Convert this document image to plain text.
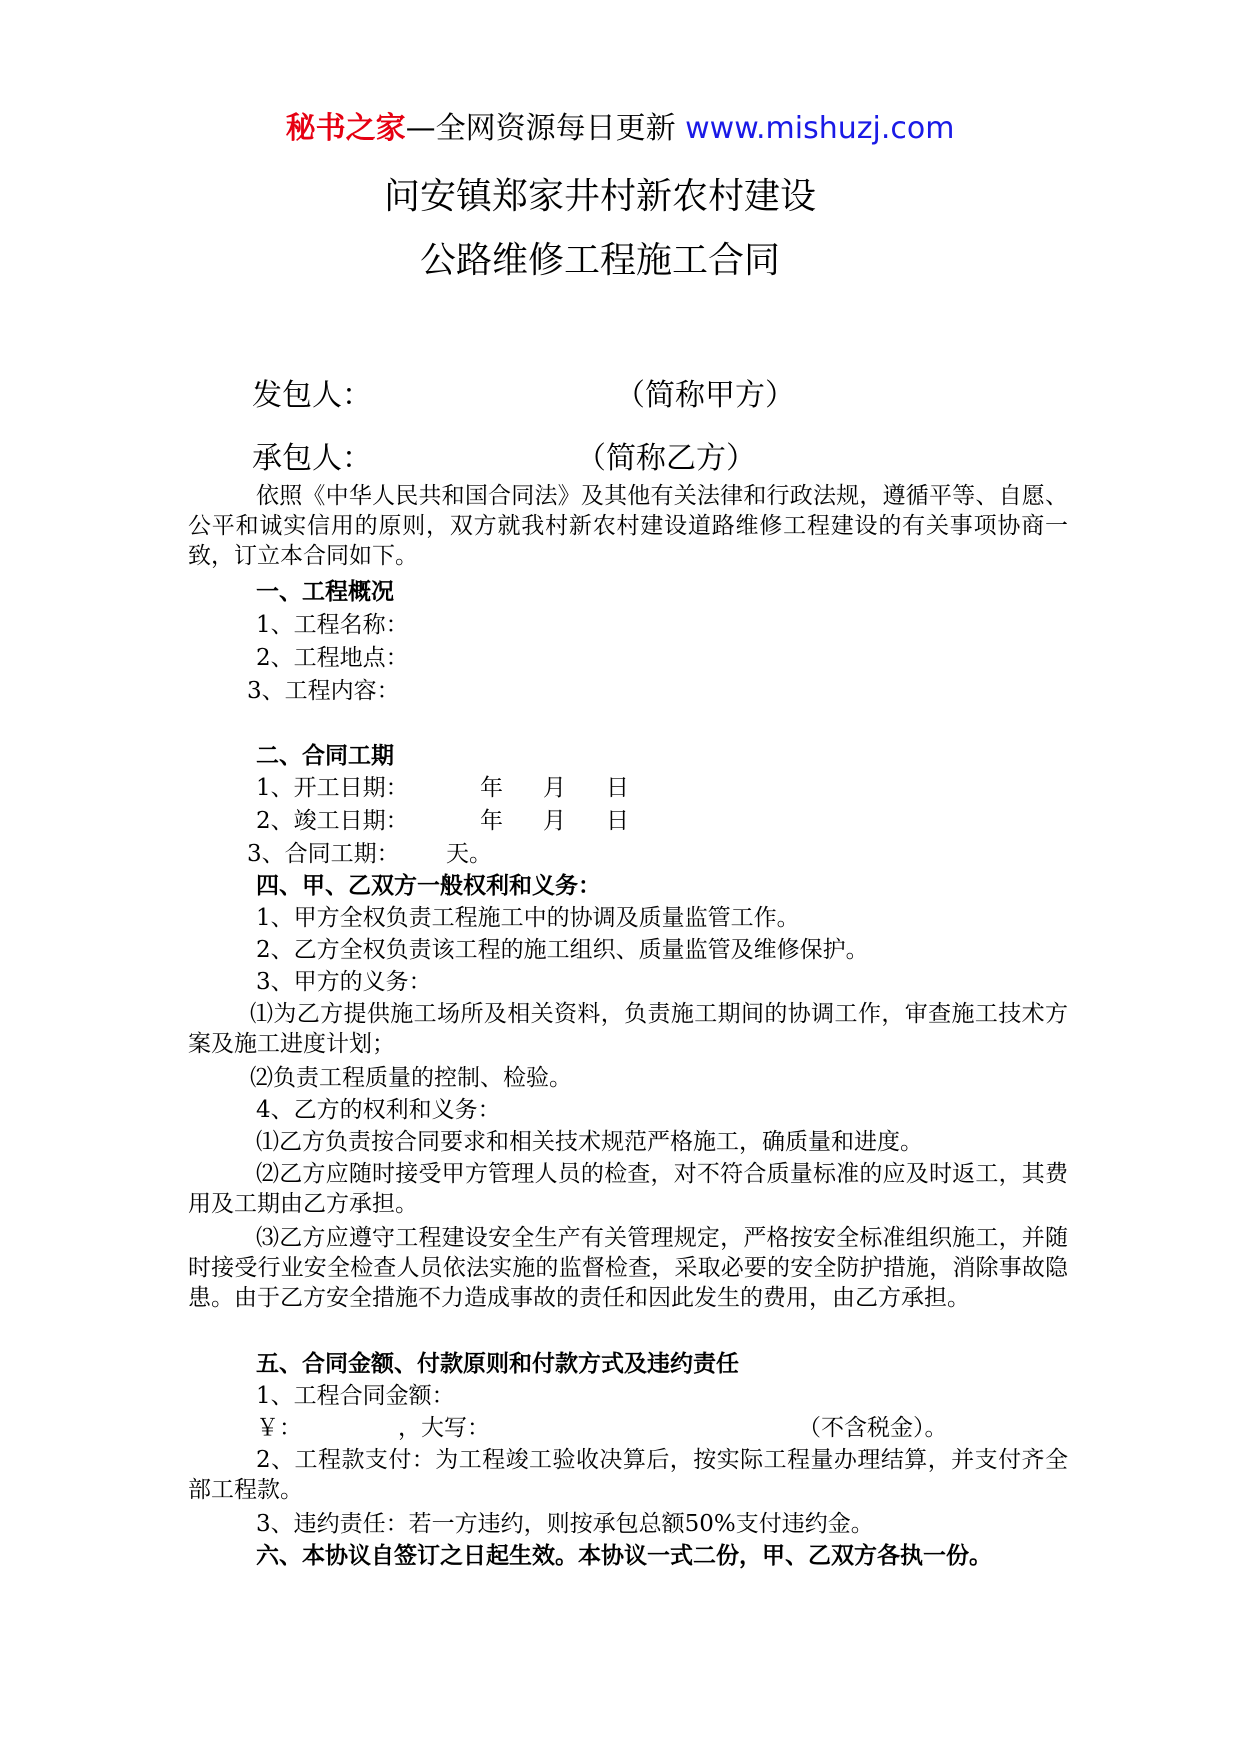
秘书之家—全网资源每日更新 www.mishuzj.com
问安镇郑家井村新农村建设
公路维修工程施工合同
发包人：	（简称甲方）
承包人：	（简称乙方）
依照《中华人民共和国合同法》及其他有关法律和行政法规，遵循平等、自愿、公平和诚实信用的原则，双方就我村新农村建设道路维修工程建设的有关事项协商一致，订立本合同如下。
一、工程概况
1、工程名称：
2、工程地点：
3、工程内容：
二、合同工期
1、开工日期：	年 月 日
2、竣工日期：	年 月 日
3、合同工期： 天。
四、甲、乙双方一般权利和义务：
1、甲方全权负责工程施工中的协调及质量监管工作。
2、乙方全权负责该工程的施工组织、质量监管及维修保护。
3、甲方的义务：
⑴为乙方提供施工场所及相关资料，负责施工期间的协调工作，审查施工技术方案及施工进度计划；
⑵负责工程质量的控制、检验。
4、乙方的权利和义务：
⑴乙方负责按合同要求和相关技术规范严格施工，确质量和进度。
⑵乙方应随时接受甲方管理人员的检查，对不符合质量标准的应及时返工，其费用及工期由乙方承担。
⑶乙方应遵守工程建设安全生产有关管理规定，严格按安全标准组织施工，并随时接受行业安全检查人员依法实施的监督检查，采取必要的安全防护措施，消除事故隐患。由于乙方安全措施不力造成事故的责任和因此发生的费用，由乙方承担。
五、合同金额、付款原则和付款方式及违约责任
1、工程合同金额：
￥：	，大写：	（不含税金）。
2、工程款支付：为工程竣工验收决算后，按实际工程量办理结算，并支付齐全部工程款。
3、违约责任：若一方违约，则按承包总额50%支付违约金。
六、本协议自签订之日起生效。本协议一式二份，甲、乙双方各执一份。
